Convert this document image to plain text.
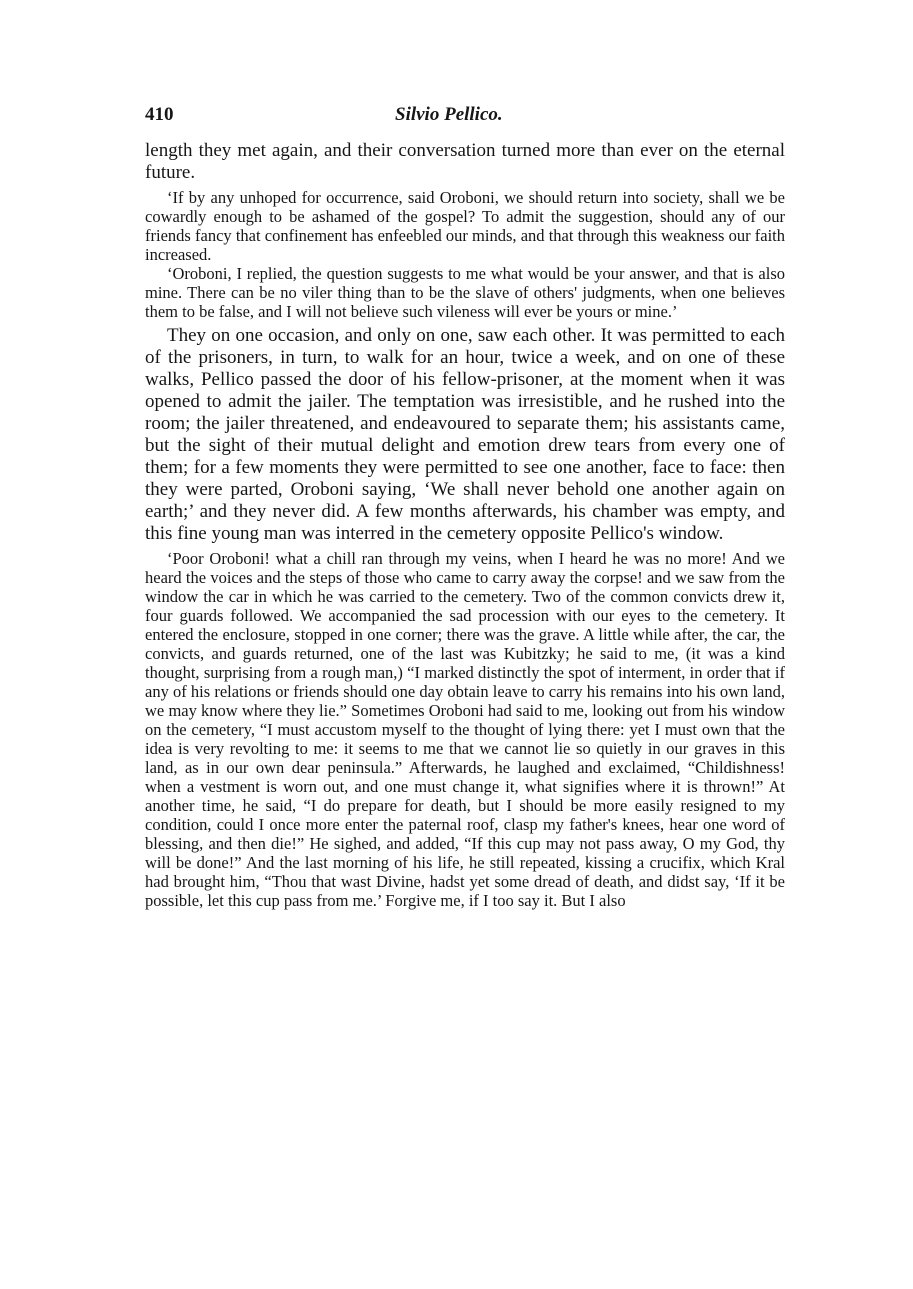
410	Silvio Pellico.

length they met again, and their conversation turned more than ever on the eternal future.

‘If by any unhoped for occurrence, said Oroboni, we should return into society, shall we be cowardly enough to be ashamed of the gospel? To admit the suggestion, should any of our friends fancy that confinement has enfeebled our minds, and that through this weakness our faith increased.

‘Oroboni, I replied, the question suggests to me what would be your answer, and that is also mine. There can be no viler thing than to be the slave of others' judgments, when one believes them to be false, and I will not believe such vileness will ever be yours or mine.’

They on one occasion, and only on one, saw each other. It was permitted to each of the prisoners, in turn, to walk for an hour, twice a week, and on one of these walks, Pellico passed the door of his fellow-prisoner, at the moment when it was opened to admit the jailer. The temptation was irresistible, and he rushed into the room; the jailer threatened, and endeavoured to separate them; his assistants came, but the sight of their mutual delight and emotion drew tears from every one of them; for a few moments they were permitted to see one another, face to face: then they were parted, Oroboni saying, ‘We shall never behold one another again on earth;’ and they never did. A few months afterwards, his chamber was empty, and this fine young man was interred in the cemetery opposite Pellico's window.

‘Poor Oroboni! what a chill ran through my veins, when I heard he was no more! And we heard the voices and the steps of those who came to carry away the corpse! and we saw from the window the car in which he was carried to the cemetery. Two of the common convicts drew it, four guards followed. We accompanied the sad procession with our eyes to the cemetery. It entered the enclosure, stopped in one corner; there was the grave. A little while after, the car, the convicts, and guards returned, one of the last was Kubitzky; he said to me, (it was a kind thought, surprising from a rough man,) “I marked distinctly the spot of interment, in order that if any of his relations or friends should one day obtain leave to carry his remains into his own land, we may know where they lie.” Sometimes Oroboni had said to me, looking out from his window on the cemetery, “I must accustom myself to the thought of lying there: yet I must own that the idea is very revolting to me: it seems to me that we cannot lie so quietly in our graves in this land, as in our own dear peninsula.” Afterwards, he laughed and exclaimed, “Childishness! when a vestment is worn out, and one must change it, what signifies where it is thrown!” At another time, he said, “I do prepare for death, but I should be more easily resigned to my condition, could I once more enter the paternal roof, clasp my father's knees, hear one word of blessing, and then die!” He sighed, and added, “If this cup may not pass away, O my God, thy will be done!” And the last morning of his life, he still repeated, kissing a crucifix, which Kral had brought him, “Thou that wast Divine, hadst yet some dread of death, and didst say, ‘If it be possible, let this cup pass from me.’ Forgive me, if I too say it. But I also
